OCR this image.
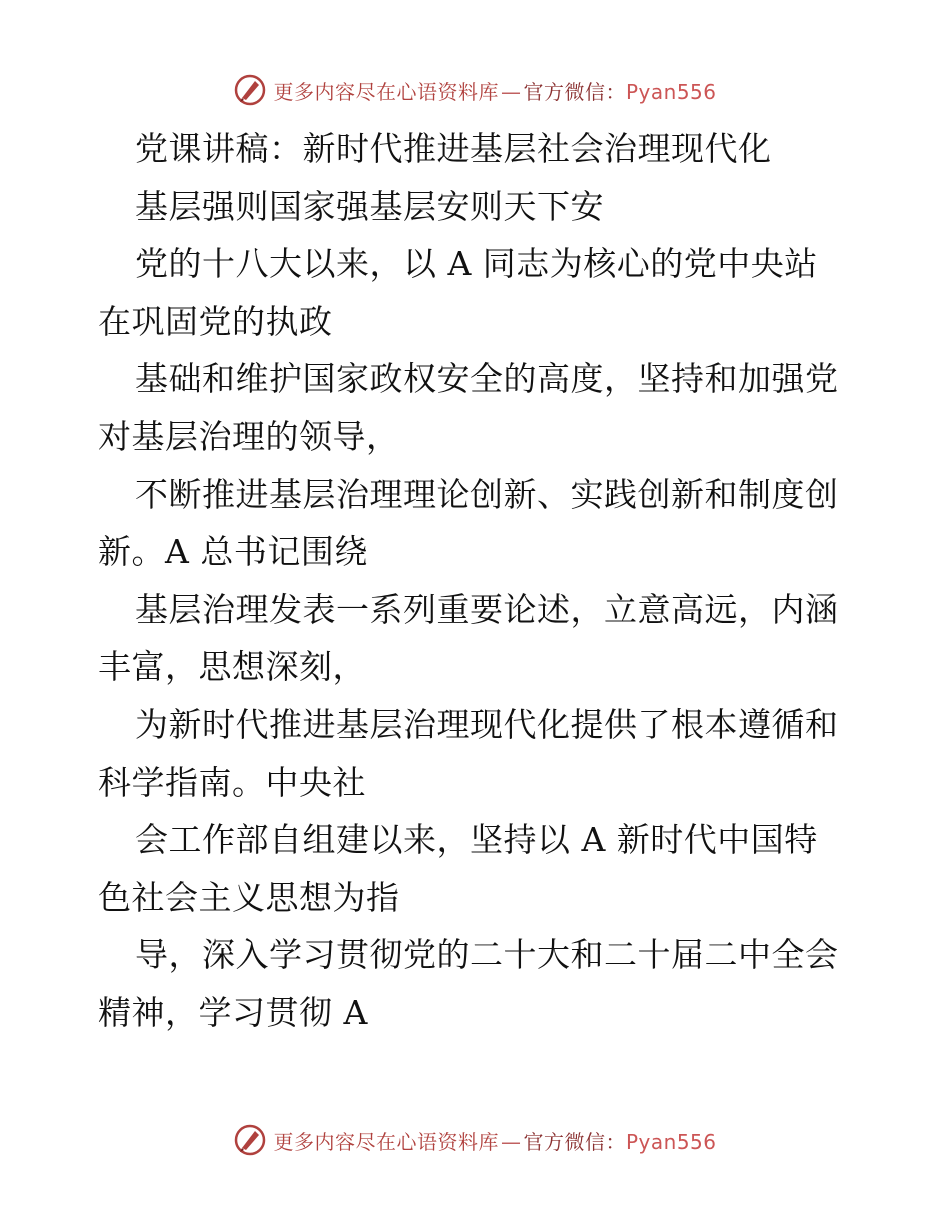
更多内容尽在心语资料库 — 官方微信：Pyan556
党课讲稿：新时代推进基层社会治理现代化
基层强则国家强基层安则天下安
党的十八大以来，以 A 同志为核心的党中央站
在巩固党的执政
基础和维护国家政权安全的高度，坚持和加强党
对基层治理的领导，
不断推进基层治理理论创新、实践创新和制度创
新。A 总书记围绕
基层治理发表一系列重要论述，立意高远，内涵
丰富，思想深刻，
为新时代推进基层治理现代化提供了根本遵循和
科学指南。中央社
会工作部自组建以来，坚持以 A 新时代中国特
色社会主义思想为指
导，深入学习贯彻党的二十大和二十届二中全会
精神，学习贯彻 A
更多内容尽在心语资料库 — 官方微信：Pyan556
